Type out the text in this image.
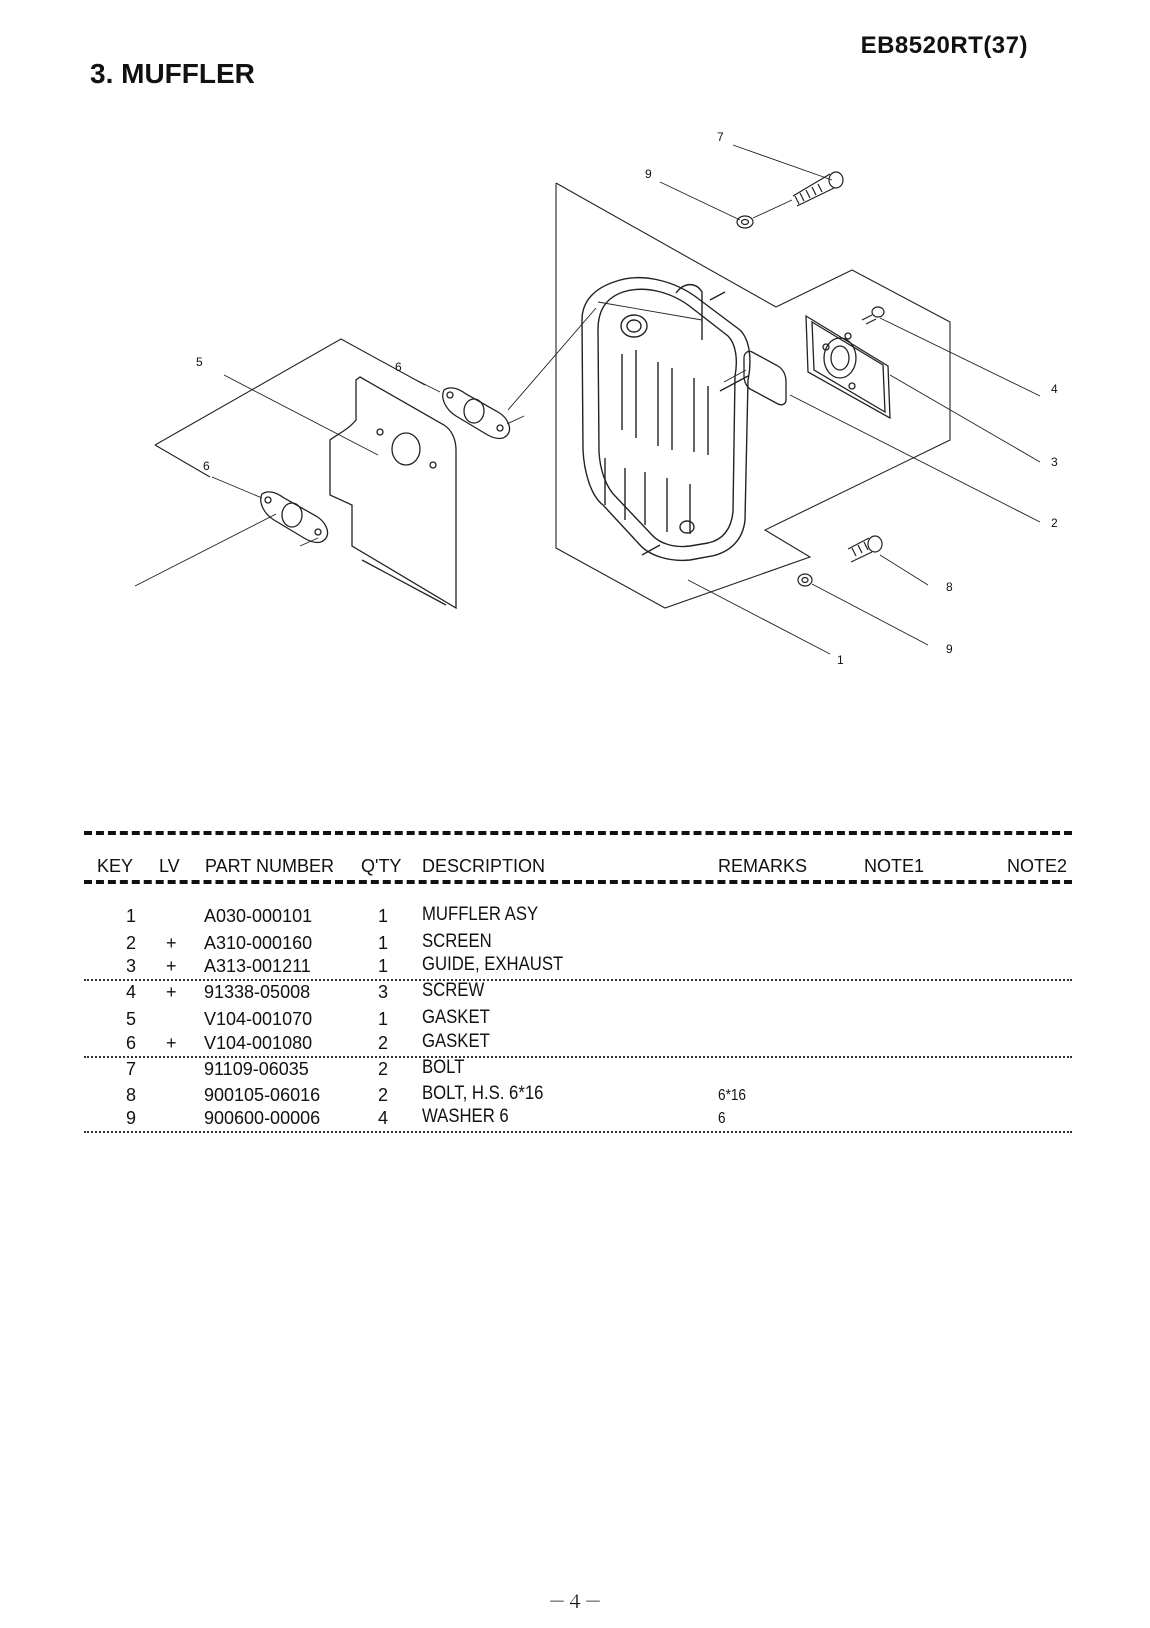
EB8520RT(37)
3. MUFFLER
7
9
5	6
6
4
3
2
8
9
1
KEY LV PART NUMBER Q'TY DESCRIPTION	REMARKS	NOTE1	NOTE2
1	A030-000101	1 MUFFLER ASY
2 + A310-000160	1 SCREEN
3 + A313-001211	1 GUIDE, EXHAUST
4 + 91338-05008	3 SCREW
5	V104-001070	1 GASKET
6 + V104-001080	2 GASKET
7	91109-06035	2 BOLT
8	900105-06016	2 BOLT, H.S. 6*16	6*16
9	900600-00006	4 WASHER 6	6
－４－
